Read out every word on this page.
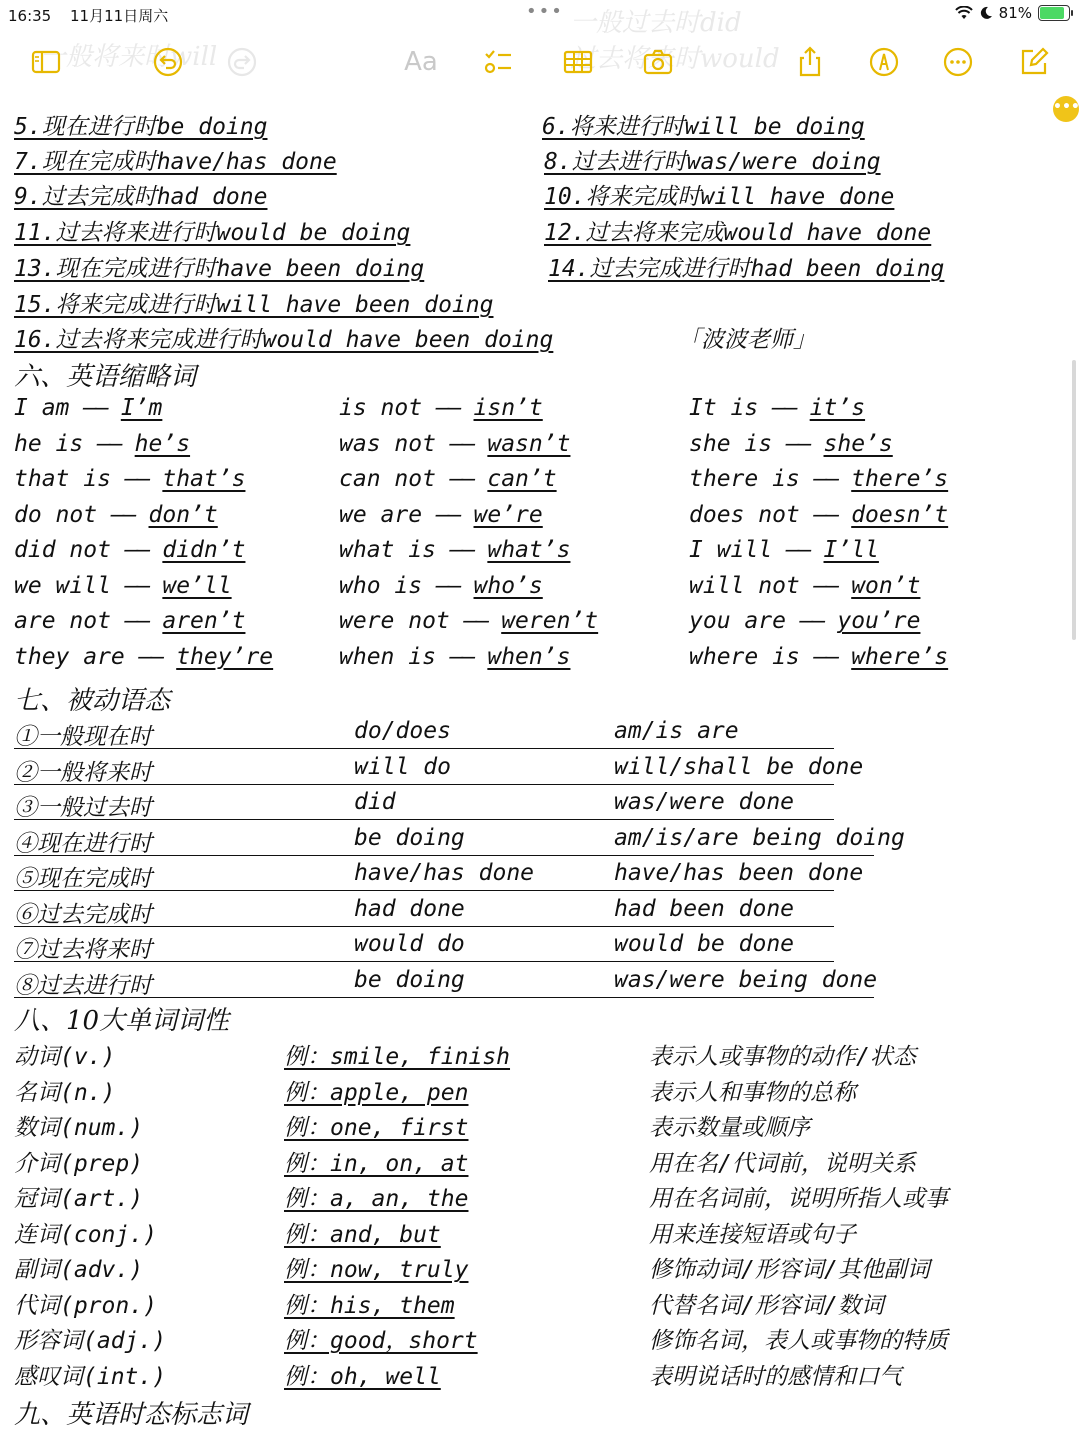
16:35 11月11日周六	•••	81%
一般过去时did
一般将来时will	过去将来时would
Aa
•••
5.现在进行时be doing	6.将来进行时will be doing
7.现在完成时have/has done	8.过去进行时was/were doing
9.过去完成时had done	10.将来完成时will have done
11.过去将来进行时would be doing	12.过去将来完成would have done
13.现在完成进行时have been doing	14.过去完成进行时had been doing
15.将来完成进行时will have been doing
16.过去将来完成进行时would have been doing	「波波老师」
六、英语缩略词
I am —— I’m	is not —— isn’t	It is —— it’s
he is —— he’s	was not —— wasn’t	she is —— she’s
that is —— that’s	can not —— can’t	there is —— there’s
do not —— don’t	we are —— we’re	does not —— doesn’t
did not —— didn’t	what is —— what’s	I will —— I’ll
we will —— we’ll	who is —— who’s	will not —— won’t
are not —— aren’t	were not —— weren’t	you are —— you’re
they are —— they’re	when is —— when’s	where is —— where’s
七、被动语态
①一般现在时	do/does	am/is are
②一般将来时	will do	will/shall be done
③一般过去时	did	was/were done
④现在进行时	be doing	am/is/are being doing
⑤现在完成时	have/has done	have/has been done
⑥过去完成时	had done	had been done
⑦过去将来时	would do	would be done
⑧过去进行时	be doing	was/were being done
八、10大单词词性
动词(v.)	例：smile, finish	表示人或事物的动作/状态
名词(n.)	例：apple, pen	表示人和事物的总称
数词(num.)	例：one, first	表示数量或顺序
介词(prep)	例：in, on, at	用在名/代词前，说明关系
冠词(art.)	例：a, an, the	用在名词前，说明所指人或事
连词(conj.)	例：and, but	用来连接短语或句子
副词(adv.)	例：now, truly	修饰动词/形容词/其他副词
代词(pron.)	例：his, them	代替名词/形容词/数词
形容词(adj.)	例：good，short	修饰名词，表人或事物的特质
感叹词(int.)	例：oh, well	表明说话时的感情和口气
九、英语时态标志词
